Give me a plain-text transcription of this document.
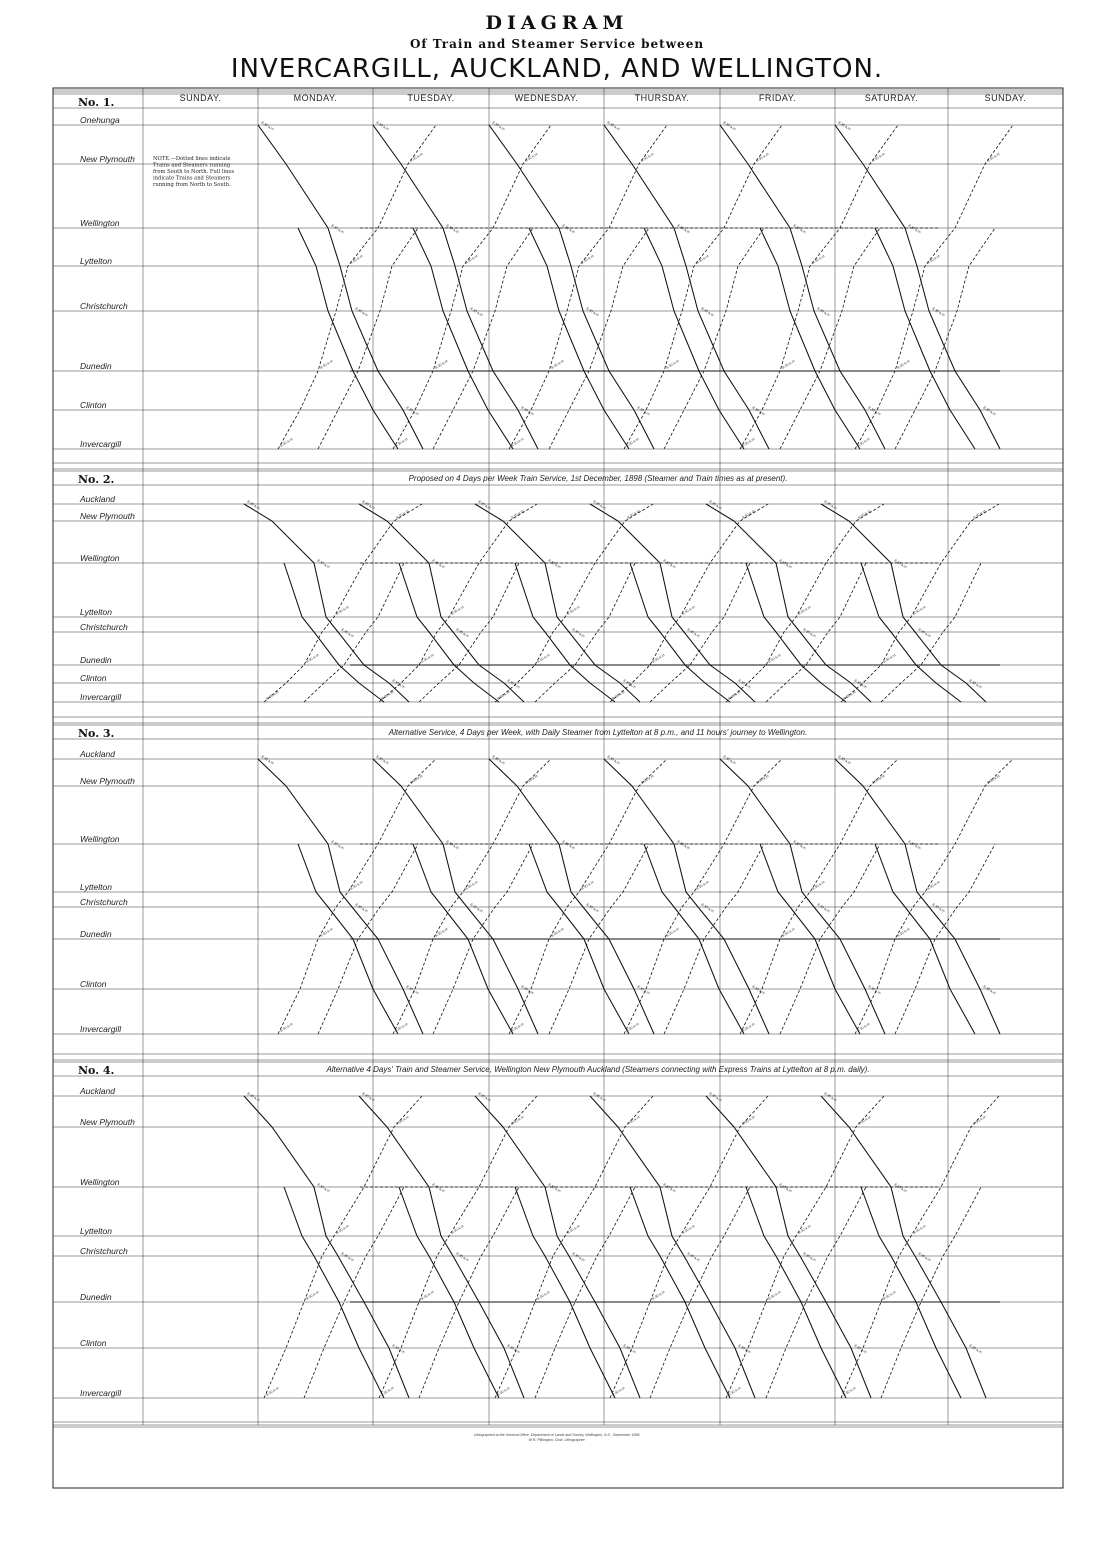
DIAGRAM
Of Train and Steamer Service between
INVERCARGILL, AUCKLAND, AND WELLINGTON.
SUNDAY.	MONDAY.	TUESDAY.	WEDNESDAY.	THURSDAY.	FRIDAY.	SATURDAY.	SUNDAY.
No. 1.
Onehunga
New Plymouth
Wellington
Lyttelton
Christchurch
Dunedin
Clinton
Invercargill
8.30 a.m
8.30 a.m
8.30 a.m
8.30 a.m
8.30 a.m
8.30 a.m
8.30 a.m
8.30 a.m
8.30 a.m
8.30 a.m
8.30 a.m
8.30 a.m
8.30 a.m
8.30 a.m
8.30 a.m
8.30 a.m
8.30 a.m
8.30 a.m
8.30 a.m
8.30 a.m
8.30 a.m
8.30 a.m
8.30 a.m
8.30 a.m
8.30 a.m
8.30 a.m
8.30 a.m
8.30 a.m
8.30 a.m
8.30 a.m
8.30 a.m
8.30 a.m
8.30 a.m
8.30 a.m
8.30 a.m
8.30 a.m
8.30 a.m
8.30 a.m
8.30 a.m
8.30 a.m
8.30 a.m
8.30 a.m
8.30 a.m
8.30 a.m
8.30 a.m
8.30 a.m
8.30 a.m
8.30 a.m
No. 2.	Proposed on 4 Days per Week Train Service, 1st December, 1898 (Steamer and Train times as at present).
Auckland
New Plymouth
Wellington
Lyttelton
Christchurch
Dunedin
Clinton
Invercargill
8.30 a.m
8.30 a.m
8.30 a.m
8.30 a.m
8.30 a.m
8.30 a.m
8.30 a.m
8.30 a.m
8.30 a.m
8.30 a.m
8.30 a.m
8.30 a.m
8.30 a.m
8.30 a.m
8.30 a.m
8.30 a.m
8.30 a.m
8.30 a.m
8.30 a.m
8.30 a.m
8.30 a.m
8.30 a.m
8.30 a.m
8.30 a.m
8.30 a.m
8.30 a.m
8.30 a.m
8.30 a.m
8.30 a.m
8.30 a.m
8.30 a.m
8.30 a.m
8.30 a.m
8.30 a.m
8.30 a.m
8.30 a.m
8.30 a.m
8.30 a.m
8.30 a.m
8.30 a.m
8.30 a.m
8.30 a.m
8.30 a.m
8.30 a.m
8.30 a.m
8.30 a.m
8.30 a.m
8.30 a.m
No. 3.	Alternative Service, 4 Days per Week, with Daily Steamer from Lyttelton at 8 p.m., and 11 hours' journey to Wellington.
Auckland
New Plymouth
Wellington
Lyttelton
Christchurch
Dunedin
Clinton
Invercargill
8.30 a.m
8.30 a.m
8.30 a.m
8.30 a.m
8.30 a.m
8.30 a.m
8.30 a.m
8.30 a.m
8.30 a.m
8.30 a.m
8.30 a.m
8.30 a.m
8.30 a.m
8.30 a.m
8.30 a.m
8.30 a.m
8.30 a.m
8.30 a.m
8.30 a.m
8.30 a.m
8.30 a.m
8.30 a.m
8.30 a.m
8.30 a.m
8.30 a.m
8.30 a.m
8.30 a.m
8.30 a.m
8.30 a.m
8.30 a.m
8.30 a.m
8.30 a.m
8.30 a.m
8.30 a.m
8.30 a.m
8.30 a.m
8.30 a.m
8.30 a.m
8.30 a.m
8.30 a.m
8.30 a.m
8.30 a.m
8.30 a.m
8.30 a.m
8.30 a.m
8.30 a.m
8.30 a.m
8.30 a.m
No. 4.	Alternative 4 Days' Train and Steamer Service, Wellington New Plymouth Auckland (Steamers connecting with Express Trains at Lyttelton at 8 p.m. daily).
Auckland
New Plymouth
Wellington
Lyttelton
Christchurch
Dunedin
Clinton
Invercargill
8.30 a.m
8.30 a.m
8.30 a.m
8.30 a.m
8.30 a.m
8.30 a.m
8.30 a.m
8.30 a.m
8.30 a.m
8.30 a.m
8.30 a.m
8.30 a.m
8.30 a.m
8.30 a.m
8.30 a.m
8.30 a.m
8.30 a.m
8.30 a.m
8.30 a.m
8.30 a.m
8.30 a.m
8.30 a.m
8.30 a.m
8.30 a.m
8.30 a.m
8.30 a.m
8.30 a.m
8.30 a.m
8.30 a.m
8.30 a.m
8.30 a.m
8.30 a.m
8.30 a.m
8.30 a.m
8.30 a.m
8.30 a.m
8.30 a.m
8.30 a.m
8.30 a.m
8.30 a.m
8.30 a.m
8.30 a.m
8.30 a.m
8.30 a.m
8.30 a.m
8.30 a.m
8.30 a.m
8.30 a.m
NOTE.—Dotted lines indicate
Trains and Steamers running
from South to North. Full lines
indicate Trains and Steamers
running from North to South.
Lithographed at the General Office, Department of Lands and Survey, Wellington, N.Z., September 1898.
W.R. Pilkington, Govt. Lithographer.
